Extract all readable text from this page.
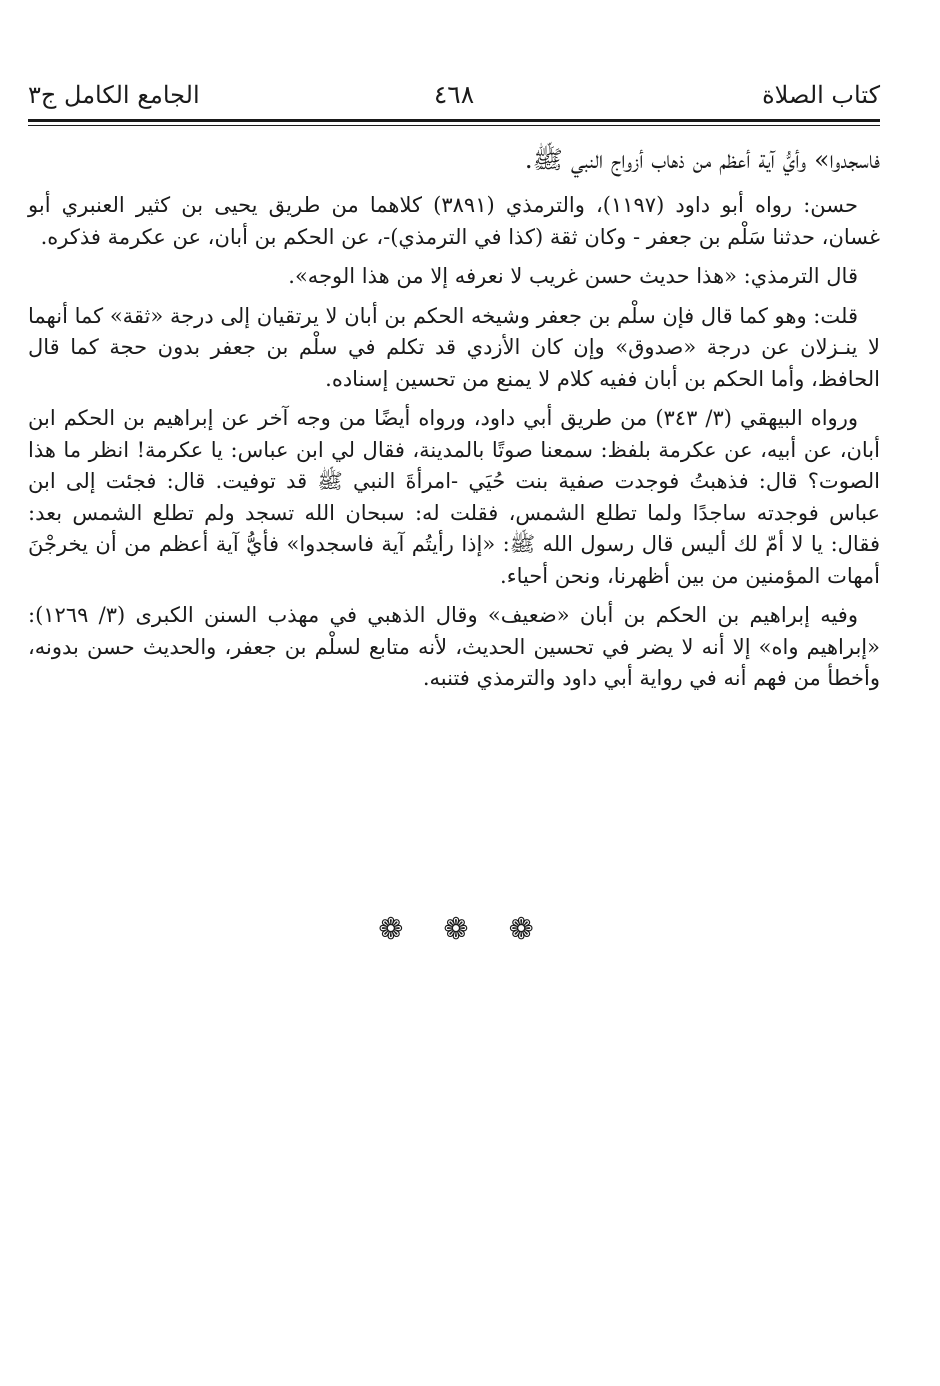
كتاب الصلاة
٤٦٨
الجامع الكامل ج٣

فاسجدوا» وأيُّ آية أعظم من ذهاب أزواج النبي ﷺ.

حسن: رواه أبو داود (١١٩٧)، والترمذي (٣٨٩١) كلاهما من طريق يحيى بن كثير العنبري أبو غسان، حدثنا سَلْم بن جعفر - وكان ثقة (كذا في الترمذي)-، عن الحكم بن أبان، عن عكرمة فذكره.

قال الترمذي: «هذا حديث حسن غريب لا نعرفه إلا من هذا الوجه».

قلت: وهو كما قال فإن سلْم بن جعفر وشيخه الحكم بن أبان لا يرتقيان إلى درجة «ثقة» كما أنهما لا ينـزلان عن درجة «صدوق» وإن كان الأزدي قد تكلم في سلْم بن جعفر بدون حجة كما قال الحافظ، وأما الحكم بن أبان ففيه كلام لا يمنع من تحسين إسناده.

ورواه البيهقي (٣/ ٣٤٣) من طريق أبي داود، ورواه أيضًا من وجه آخر عن إبراهيم بن الحكم ابن أبان، عن أبيه، عن عكرمة بلفظ: سمعنا صوتًا بالمدينة، فقال لي ابن عباس: يا عكرمة! انظر ما هذا الصوت؟ قال: فذهبتُ فوجدت صفية بنت حُيَي -امرأةَ النبي ﷺ قد توفيت. قال: فجئت إلى ابن عباس فوجدته ساجدًا ولما تطلع الشمس، فقلت له: سبحان الله تسجد ولم تطلع الشمس بعد: فقال: يا لا أمّ لك أليس قال رسول الله ﷺ: «إذا رأيتُم آية فاسجدوا» فأيُّ آية أعظم من أن يخرجْنَ أمهات المؤمنين من بين أظهرنا، ونحن أحياء.

وفيه إبراهيم بن الحكم بن أبان «ضعيف» وقال الذهبي في مهذب السنن الكبرى (٣/ ١٢٦٩): «إبراهيم واه» إلا أنه لا يضر في تحسين الحديث، لأنه متابع لسلْم بن جعفر، والحديث حسن بدونه، وأخطأ من فهم أنه في رواية أبي داود والترمذي فتنبه.

❁ ❁ ❁
